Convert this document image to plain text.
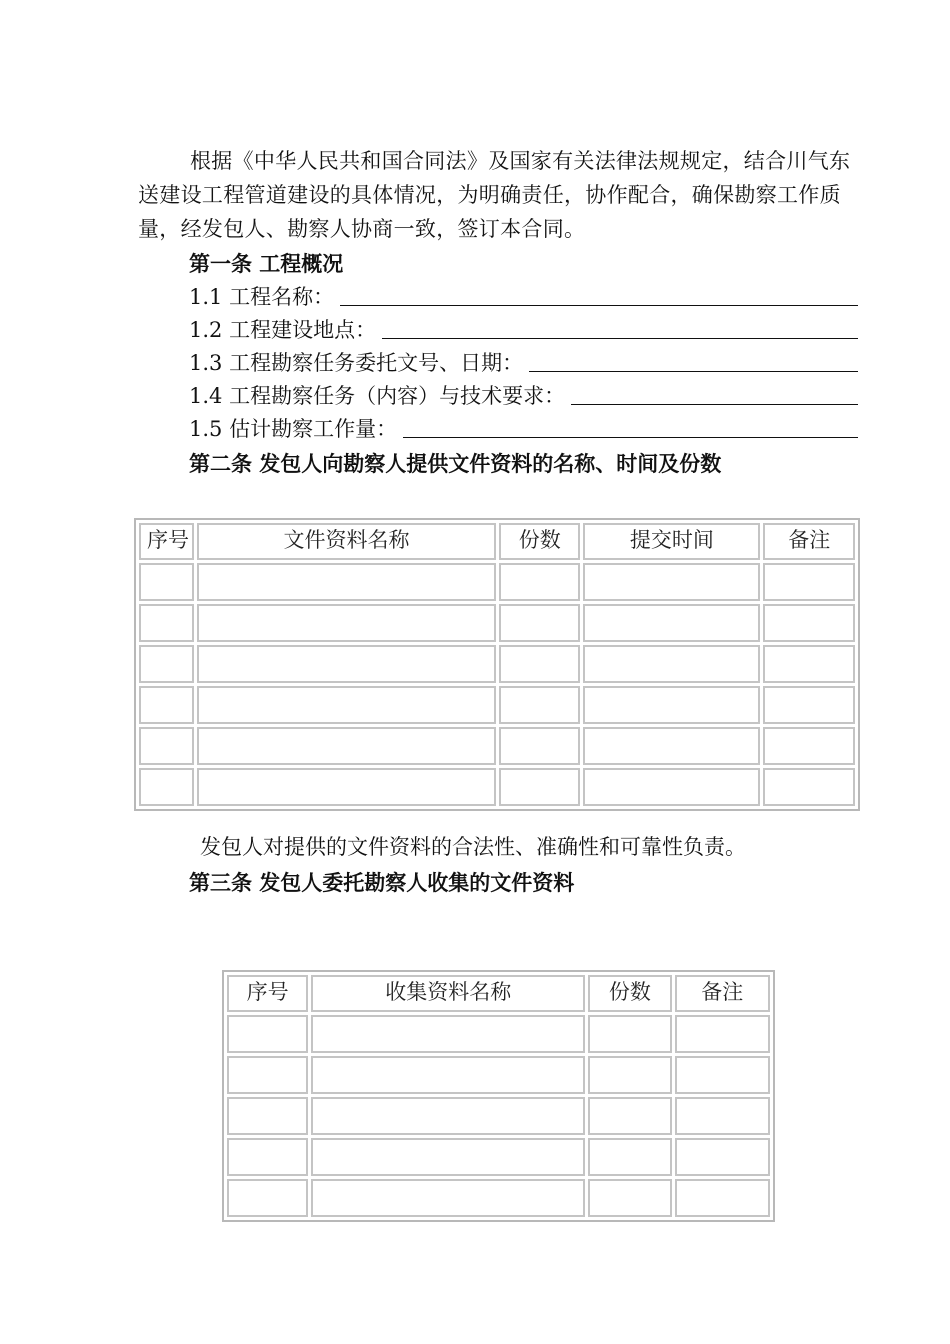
根据《中华人民共和国合同法》及国家有关法律法规规定，结合川气东送建设工程管道建设的具体情况，为明确责任，协作配合，确保勘察工作质量，经发包人、勘察人协商一致，签订本合同。

第一条 工程概况

1.1 工程名称：
1.2 工程建设地点：
1.3 工程勘察任务委托文号、日期：
1.4 工程勘察任务（内容）与技术要求：
1.5 估计勘察工作量：

第二条 发包人向勘察人提供文件资料的名称、时间及份数

序号	文件资料名称	份数	提交时间	备注

发包人对提供的文件资料的合法性、准确性和可靠性负责。

第三条 发包人委托勘察人收集的文件资料

序号	收集资料名称	份数	备注
